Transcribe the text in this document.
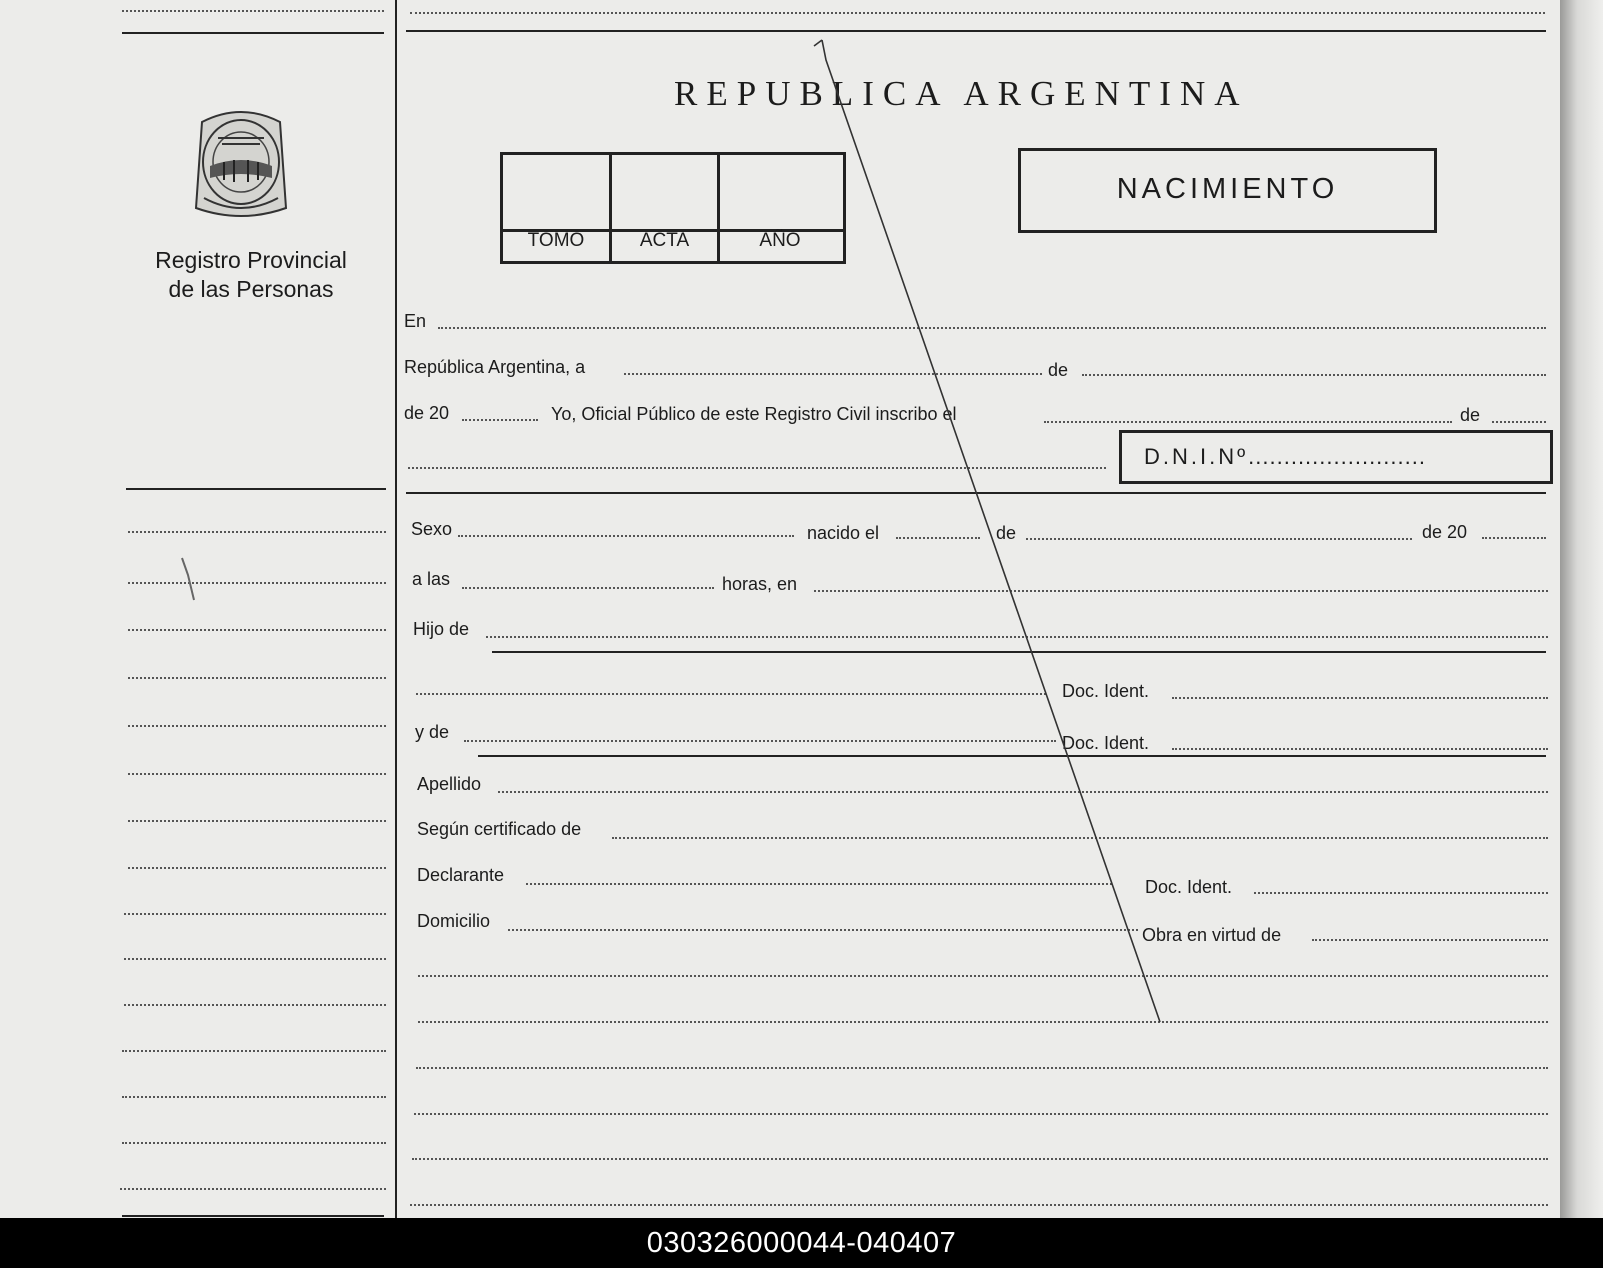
Registro Provincial
de las Personas
REPUBLICA ARGENTINA
TOMO	ACTA	AÑO
NACIMIENTO
En
República Argentina, a	de
de 20	Yo, Oficial Público de este Registro Civil inscribo el	de
D.N.I.Nº.........................
Sexo	nacido el	de	de 20
a las	horas, en
Hijo de
Doc. Ident.
y de
Doc. Ident.
Apellido
Según certificado de
Declarante
Doc. Ident.
Domicilio
Obra en virtud de
030326000044-040407
